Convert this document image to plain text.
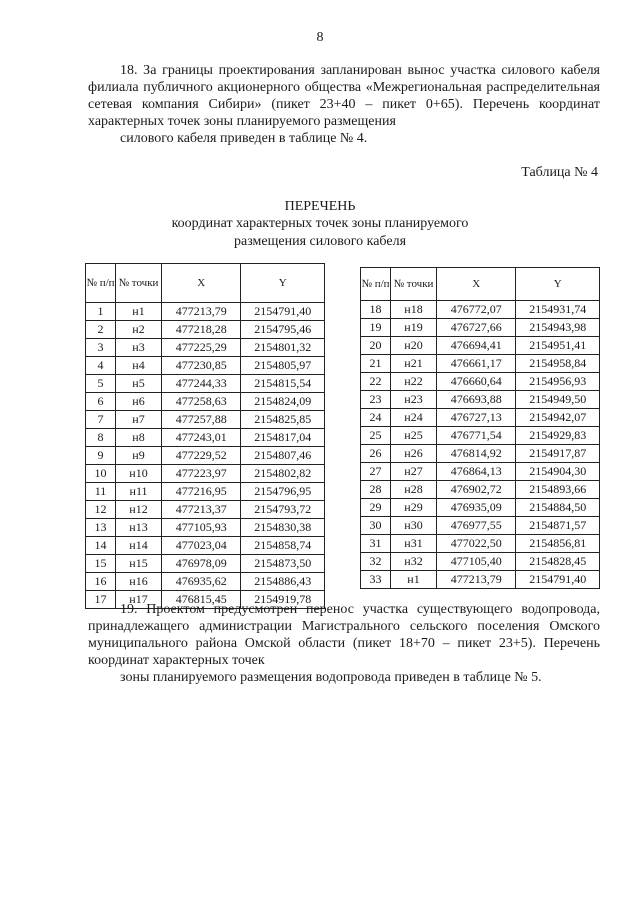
8
18. За границы проектирования запланирован вынос участка силового кабеля филиала публичного акционерного общества «Межрегиональная распределительная сетевая компания Сибири» (пикет 23+40 – пикет 0+65). Перечень координат характерных точек зоны планируемого размещения
силового кабеля приведен в таблице № 4.
Таблица № 4
ПЕРЕЧЕНЬ
координат характерных точек зоны планируемого
размещения силового кабеля
№ п/п	№ точки	X	Y
1	н1	477213,79	2154791,40
2	н2	477218,28	2154795,46
3	н3	477225,29	2154801,32
4	н4	477230,85	2154805,97
5	н5	477244,33	2154815,54
6	н6	477258,63	2154824,09
7	н7	477257,88	2154825,85
8	н8	477243,01	2154817,04
9	н9	477229,52	2154807,46
10	н10	477223,97	2154802,82
11	н11	477216,95	2154796,95
12	н12	477213,37	2154793,72
13	н13	477105,93	2154830,38
14	н14	477023,04	2154858,74
15	н15	476978,09	2154873,50
16	н16	476935,62	2154886,43
17	н17	476815,45	2154919,78
№ п/п	№ точки	X	Y
18	н18	476772,07	2154931,74
19	н19	476727,66	2154943,98
20	н20	476694,41	2154951,41
21	н21	476661,17	2154958,84
22	н22	476660,64	2154956,93
23	н23	476693,88	2154949,50
24	н24	476727,13	2154942,07
25	н25	476771,54	2154929,83
26	н26	476814,92	2154917,87
27	н27	476864,13	2154904,30
28	н28	476902,72	2154893,66
29	н29	476935,09	2154884,50
30	н30	476977,55	2154871,57
31	н31	477022,50	2154856,81
32	н32	477105,40	2154828,45
33	н1	477213,79	2154791,40
19. Проектом предусмотрен перенос участка существующего водопровода, принадлежащего администрации Магистрального сельского поселения Омского муниципального района Омской области (пикет 18+70 – пикет 23+5). Перечень координат характерных точек
зоны планируемого размещения водопровода приведен в таблице № 5.
